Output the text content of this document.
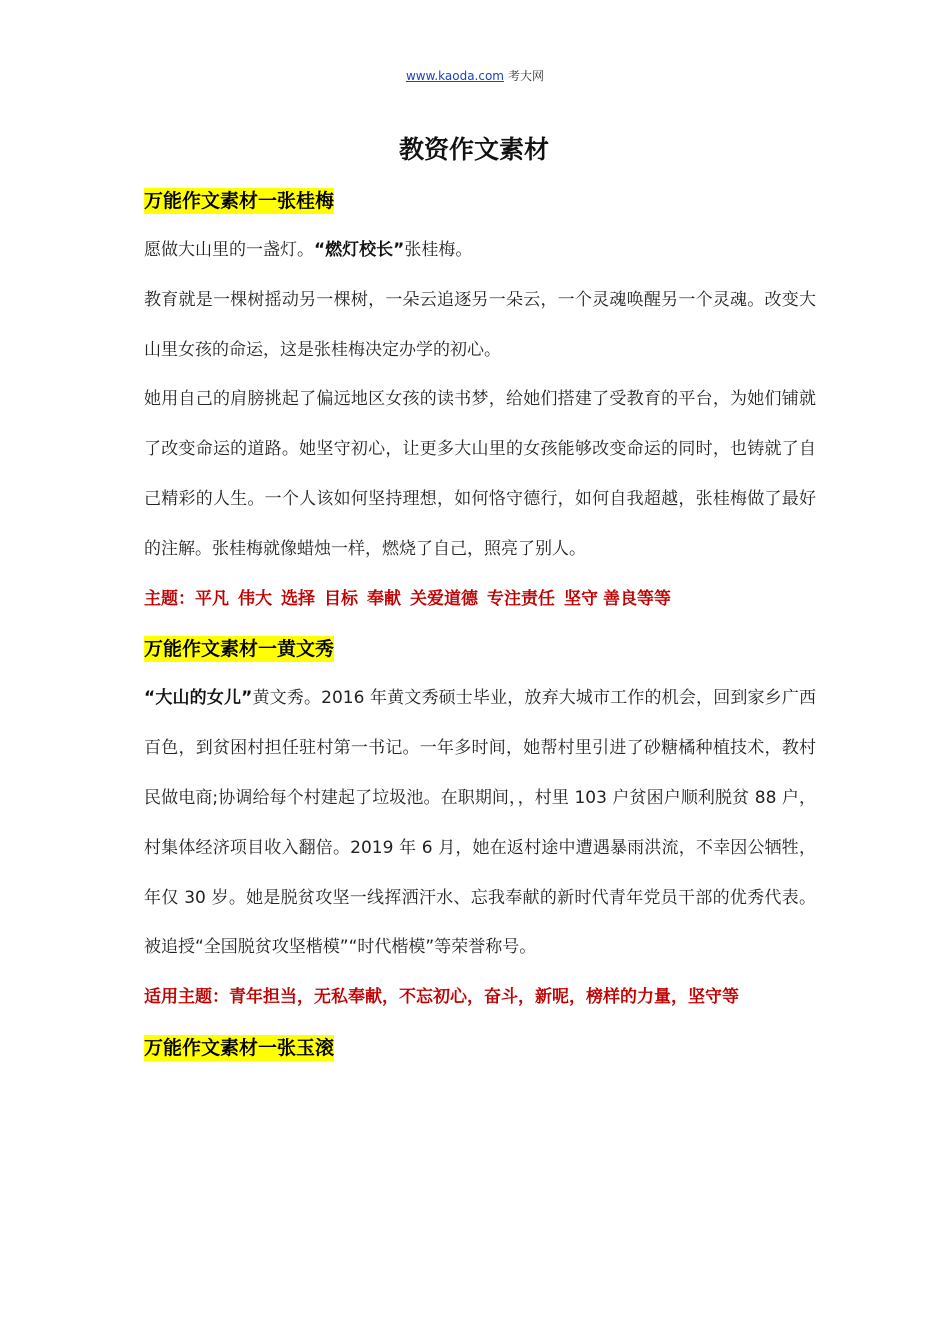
www.kaoda.com 考大网
教资作文素材
万能作文素材一张桂梅

愿做大山里的一盏灯。“燃灯校长”张桂梅。

教育就是一棵树摇动另一棵树，一朵云追逐另一朵云，一个灵魂唤醒另一个灵魂。改变大山里女孩的命运，这是张桂梅决定办学的初心。

她用自己的肩膀挑起了偏远地区女孩的读书梦，给她们搭建了受教育的平台，为她们铺就了改变命运的道路。她坚守初心，让更多大山里的女孩能够改变命运的同时，也铸就了自己精彩的人生。一个人该如何坚持理想，如何恪守德行，如何自我超越，张桂梅做了最好的注解。张桂梅就像蜡烛一样，燃烧了自己，照亮了别人。

主题：平凡 伟大 选择 目标 奉献 关爱道德 专注责任 坚守 善良等等

万能作文素材一黄文秀

“大山的女儿”黄文秀。2016 年黄文秀硕士毕业，放弃大城市工作的机会，回到家乡广西百色，到贫困村担任驻村第一书记。一年多时间，她帮村里引进了砂糖橘种植技术，教村民做电商;协调给每个村建起了垃圾池。在职期间，，村里 103 户贫困户顺利脱贫 88 户，村集体经济项目收入翻倍。2019 年 6 月，她在返村途中遭遇暴雨洪流，不幸因公牺牲，年仅 30 岁。她是脱贫攻坚一线挥洒汗水、忘我奉献的新时代青年党员干部的优秀代表。被追授“全国脱贫攻坚楷模”“时代楷模”等荣誉称号。

适用主题：青年担当，无私奉献，不忘初心，奋斗，新呢，榜样的力量，坚守等

万能作文素材一张玉滚
